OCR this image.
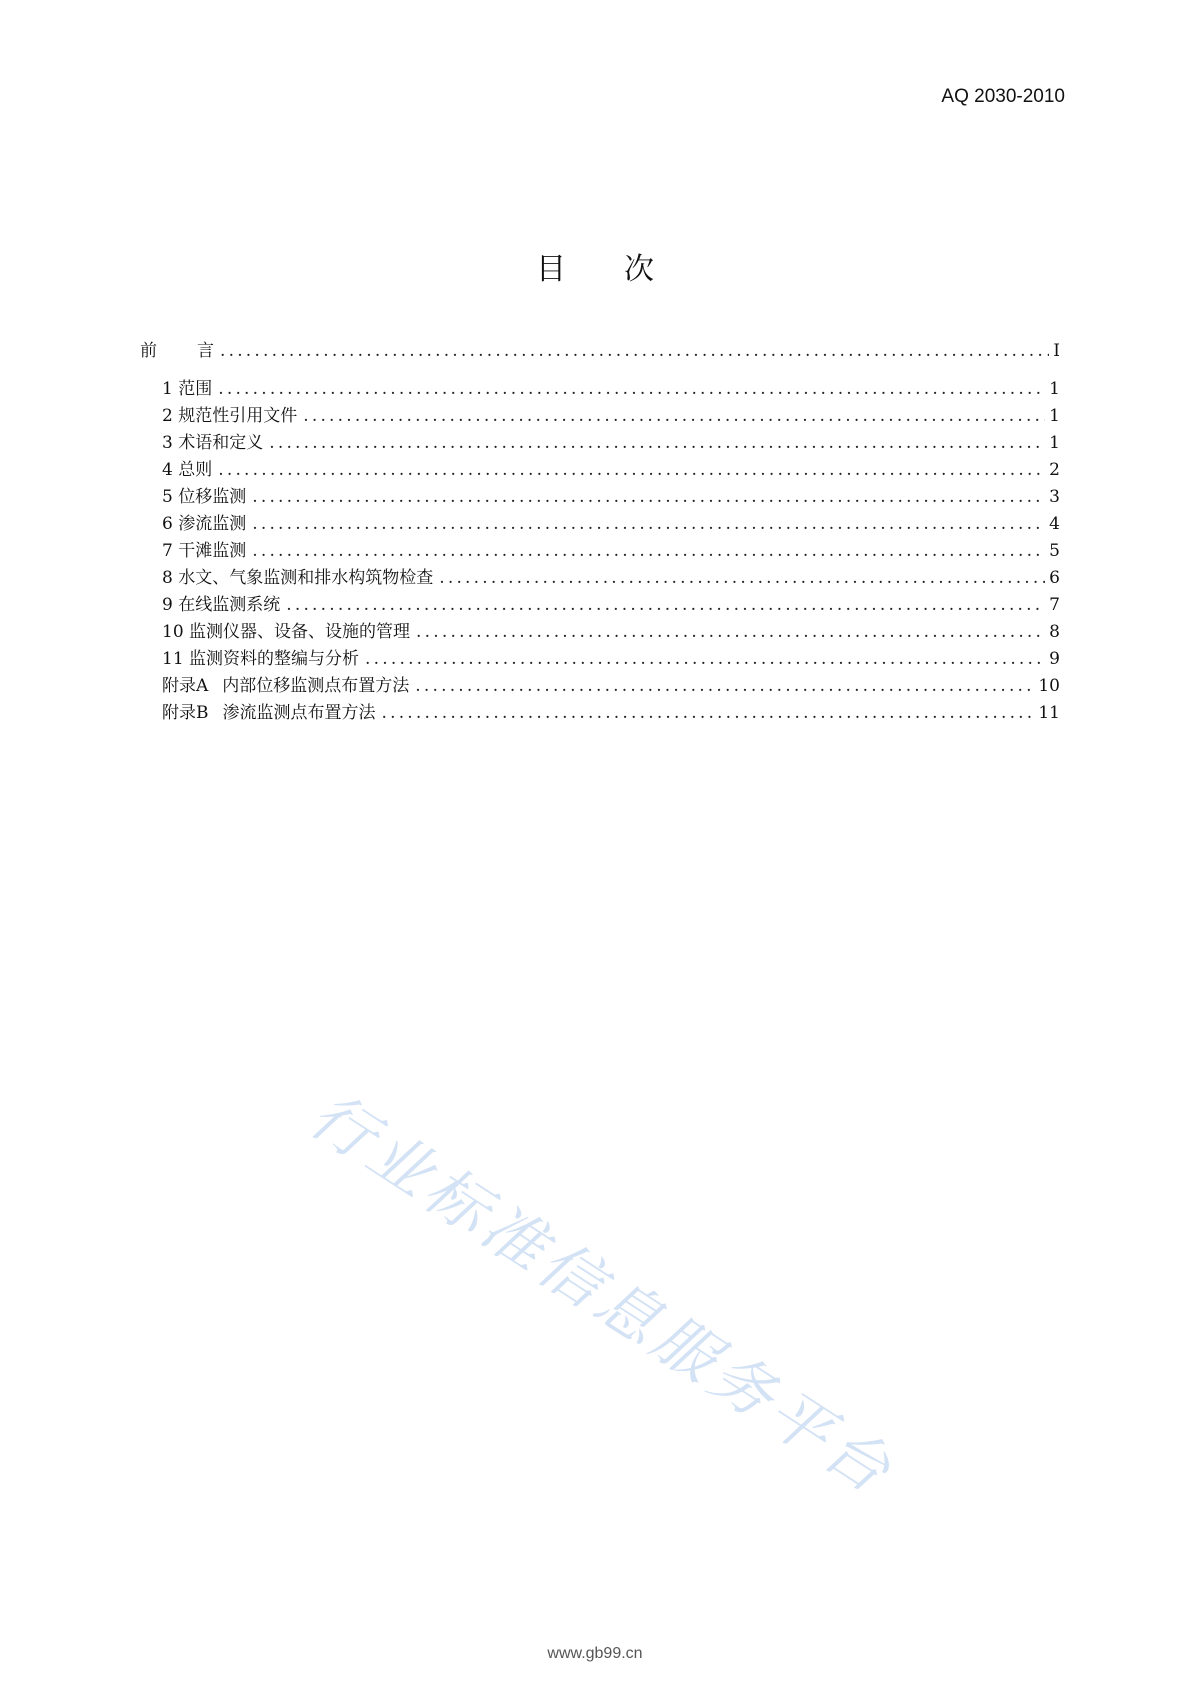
AQ 2030-2010
目 次
前 言 .....	I
1 范围 .....	1
2 规范性引用文件 .....	1
3 术语和定义 .....	1
4 总则 .....	2
5 位移监测 .....	3
6 渗流监测 .....	4
7 干滩监测 .....	5
8 水文、气象监测和排水构筑物检查 .....	6
9 在线监测系统 .....	7
10 监测仪器、设备、设施的管理 .....	8
11 监测资料的整编与分析 .....	9
附录A 内部位移监测点布置方法 .....	10
附录B 渗流监测点布置方法 .....	11
行业标准信息服务平台
www.gb99.cn
